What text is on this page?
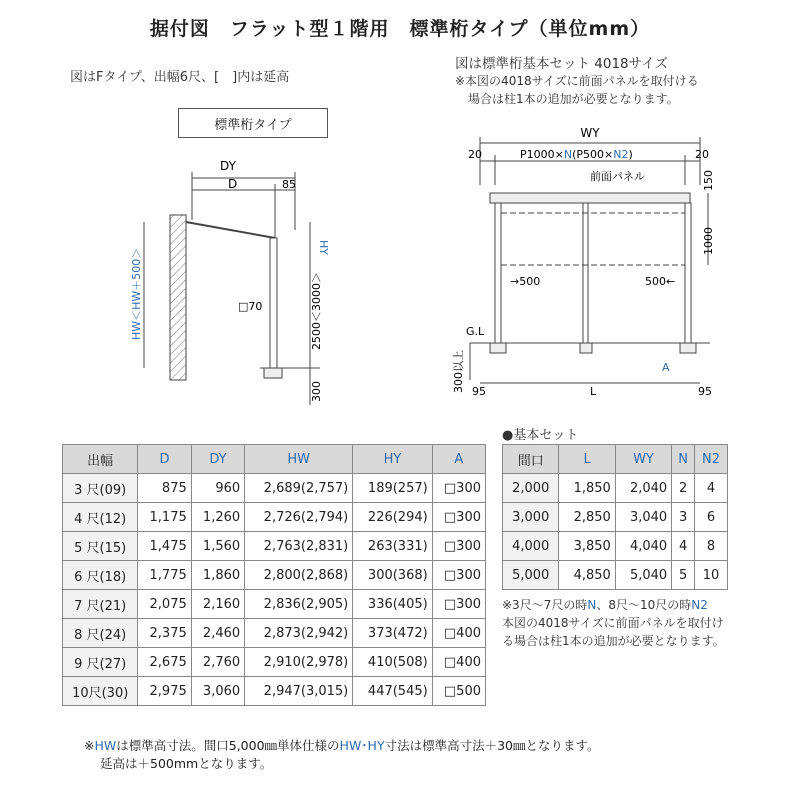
据付図　フラット型１階用　標準桁タイプ（単位mm）
図はFタイプ、出幅6尺、[　]内は延高
標準桁タイプ
図は標準桁基本セット 4018サイズ
※本図の4018サイズに前面パネルを取付ける
場合は柱1本の追加が必要となります。
DY
D	85
HY
HW＜HW＋500＞	□70	2500＜3000＞
300
WY
20	20
P1000×N(P500×N2)
前面パネル	150
1000
→500	500←
G.L
300以上	A
L
95	95
出幅	D	DY	HW	HY	A
3 尺(09)	875	960	2,689(2,757)	189(257)	□300
4 尺(12)	1,175	1,260	2,726(2,794)	226(294)	□300
5 尺(15)	1,475	1,560	2,763(2,831)	263(331)	□300
6 尺(18)	1,775	1,860	2,800(2,868)	300(368)	□300
7 尺(21)	2,075	2,160	2,836(2,905)	336(405)	□300
8 尺(24)	2,375	2,460	2,873(2,942)	373(472)	□400
9 尺(27)	2,675	2,760	2,910(2,978)	410(508)	□400
10尺(30)	2,975	3,060	2,947(3,015)	447(545)	□500
●基本セット
間口	L	WY	N	N2
2,000	1,850	2,040	2	4
3,000	2,850	3,040	3	6
4,000	3,850	4,040	4	8
5,000	4,850	5,040	5	10
※3尺～7尺の時N、8尺～10尺の時N2
本図の4018サイズに前面パネルを取付け
る場合は柱1本の追加が必要となります。
※HWは標準高寸法。間口5,000㎜単体仕様のHW･HY寸法は標準高寸法＋30㎜となります。
延高は＋500mmとなります。
